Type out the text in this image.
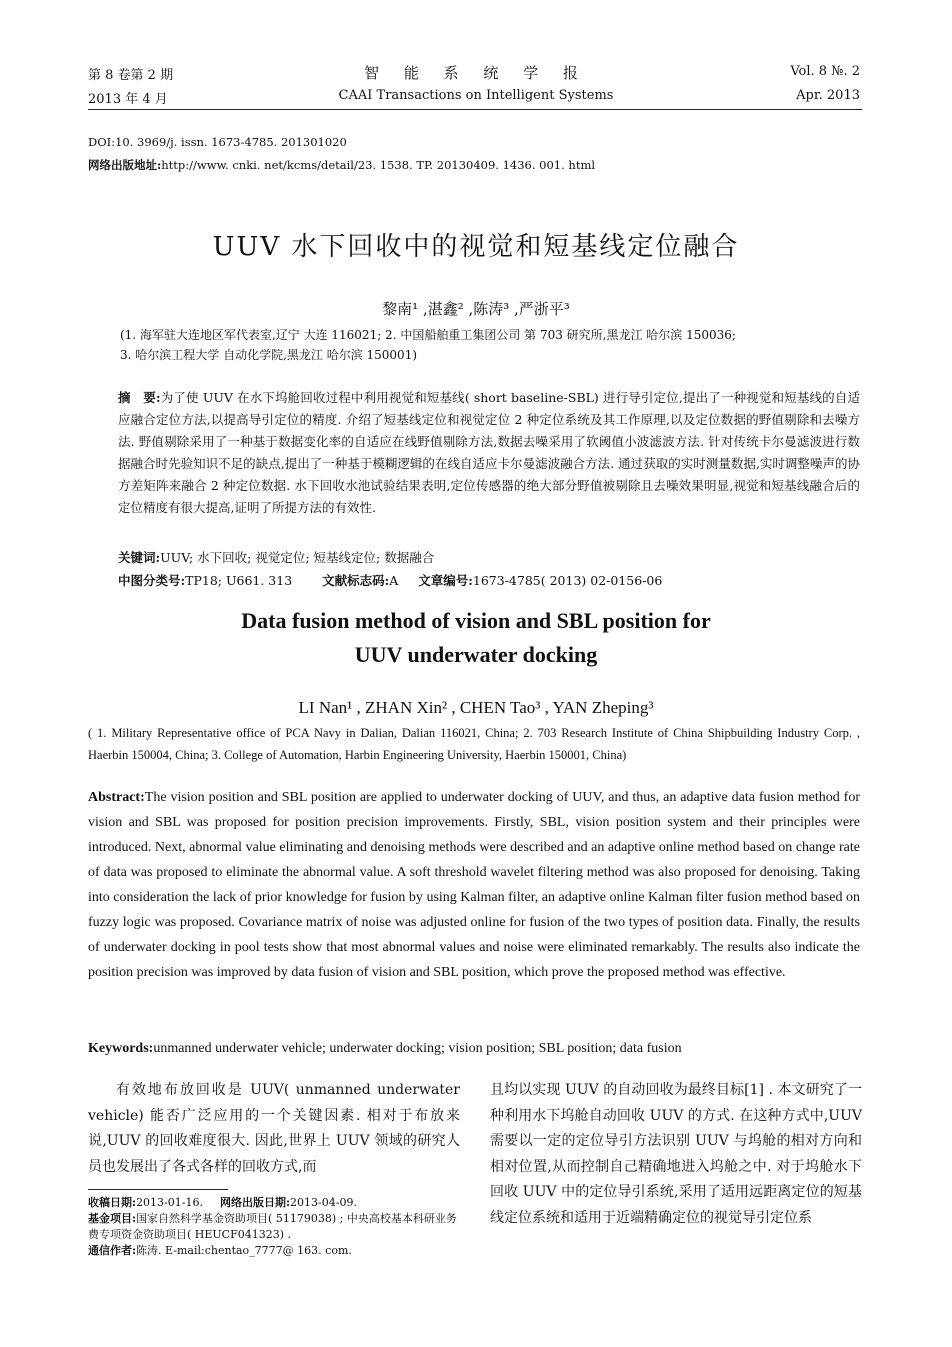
第 8 卷第 2 期
2013 年 4 月
智 能 系 统 学 报
CAAI Transactions on Intelligent Systems
Vol. 8 №. 2
Apr. 2013
DOI:10. 3969/j. issn. 1673-4785. 201301020
网络出版地址:http://www. cnki. net/kcms/detail/23. 1538. TP. 20130409. 1436. 001. html
UUV 水下回收中的视觉和短基线定位融合
黎南¹ ,湛鑫² ,陈涛³ ,严浙平³
(1. 海军驻大连地区军代表室,辽宁 大连 116021; 2. 中国船舶重工集团公司 第 703 研究所,黑龙江 哈尔滨 150036;
3. 哈尔滨工程大学 自动化学院,黑龙江 哈尔滨 150001)
摘　要:为了使 UUV 在水下坞舱回收过程中利用视觉和短基线( short baseline-SBL) 进行导引定位,提出了一种视觉和短基线的自适应融合定位方法,以提高导引定位的精度. 介绍了短基线定位和视觉定位 2 种定位系统及其工作原理,以及定位数据的野值剔除和去噪方法. 野值剔除采用了一种基于数据变化率的自适应在线野值剔除方法,数据去噪采用了软阈值小波滤波方法. 针对传统卡尔曼滤波进行数据融合时先验知识不足的缺点,提出了一种基于模糊逻辑的在线自适应卡尔曼滤波融合方法. 通过获取的实时测量数据,实时调整噪声的协方差矩阵来融合 2 种定位数据. 水下回收水池试验结果表明,定位传感器的绝大部分野值被剔除且去噪效果明显,视觉和短基线融合后的定位精度有很大提高,证明了所提方法的有效性.
关键词:UUV; 水下回收; 视觉定位; 短基线定位; 数据融合
中图分类号:TP18; U661. 313 文献标志码:A 文章编号:1673-4785( 2013) 02-0156-06
Data fusion method of vision and SBL position for
UUV underwater docking
LI Nan¹ , ZHAN Xin² , CHEN Tao³ , YAN Zheping³
( 1. Military Representative office of PCA Navy in Dalian, Dalian 116021, China; 2. 703 Research Institute of China Shipbuilding Industry Corp. , Haerbin 150004, China; 3. College of Automation, Harbin Engineering University, Haerbin 150001, China)
Abstract:The vision position and SBL position are applied to underwater docking of UUV, and thus, an adaptive data fusion method for vision and SBL was proposed for position precision improvements. Firstly, SBL, vision position system and their principles were introduced. Next, abnormal value eliminating and denoising methods were described and an adaptive online method based on change rate of data was proposed to eliminate the abnormal value. A soft threshold wavelet filtering method was also proposed for denoising. Taking into consideration the lack of prior knowledge for fusion by using Kalman filter, an adaptive online Kalman filter fusion method based on fuzzy logic was proposed. Covariance matrix of noise was adjusted online for fusion of the two types of position data. Finally, the results of underwater docking in pool tests show that most abnormal values and noise were eliminated remarkably. The results also indicate the position precision was improved by data fusion of vision and SBL position, which prove the proposed method was effective.
Keywords:unmanned underwater vehicle; underwater docking; vision position; SBL position; data fusion
有效地布放回收是 UUV( unmanned underwater vehicle) 能否广泛应用的一个关键因素. 相对于布放来说,UUV 的回收难度很大. 因此,世界上 UUV 领域的研究人员也发展出了各式各样的回收方式,而
且均以实现 UUV 的自动回收为最终目标[1] . 本文研究了一种利用水下坞舱自动回收 UUV 的方式. 在这种方式中,UUV 需要以一定的定位导引方法识别 UUV 与坞舱的相对方向和相对位置,从而控制自己精确地进入坞舱之中. 对于坞舱水下回收 UUV 中的定位导引系统,采用了适用远距离定位的短基线定位系统和适用于近端精确定位的视觉导引定位系
收稿日期:2013-01-16. 网络出版日期:2013-04-09.
基金项目:国家自然科学基金资助项目( 51179038) ; 中央高校基本科研业务费专项资金资助项目( HEUCF041323) .
通信作者:陈涛. E-mail:chentao_7777@ 163. com.
